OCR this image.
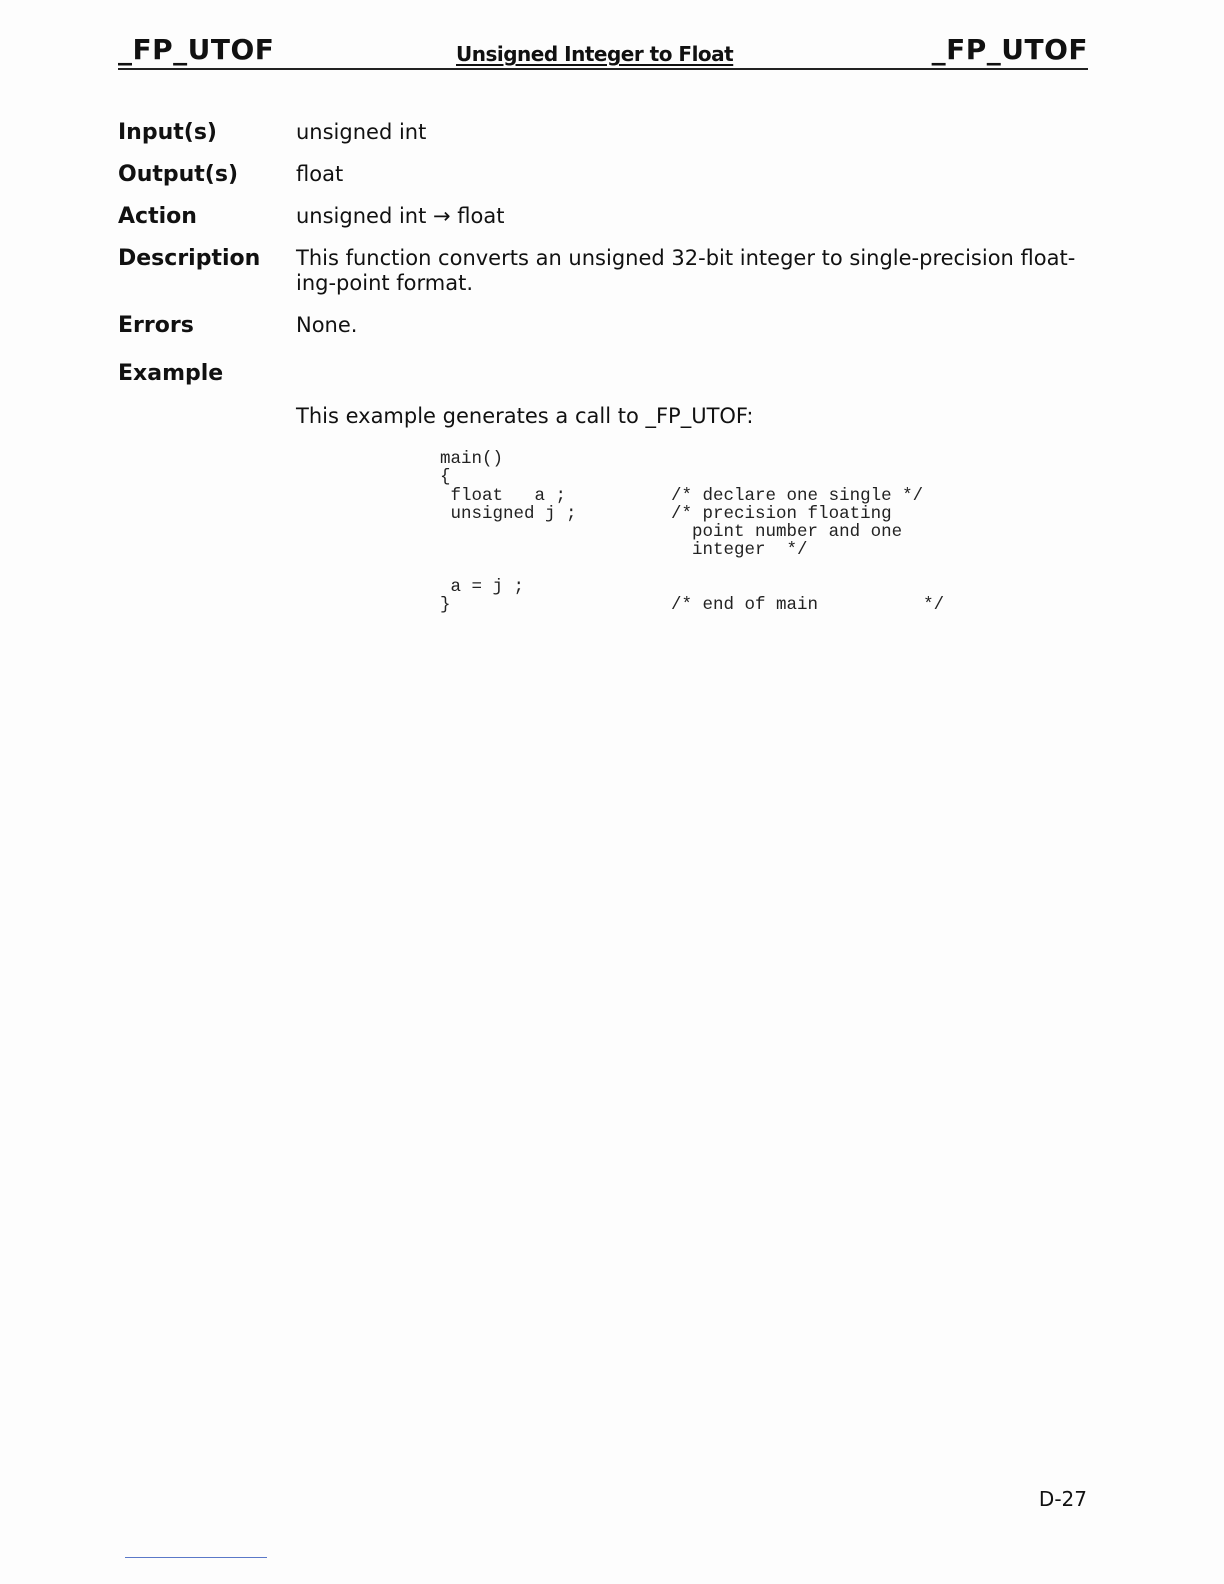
_FP_UTOF	Unsigned Integer to Float	_FP_UTOF
Input(s)	unsigned int
Output(s)	float
Action	unsigned int → float
Description This function converts an unsigned 32-bit integer to single-precision float-ing-point format.
Errors	None.
Example
This example generates a call to _FP_UTOF:
main()
{
float   a ;          /* declare one single */
unsigned j ;         /* precision floating
point number and one
integer  */

a = j ;
}                     /* end of main          */
D-27
